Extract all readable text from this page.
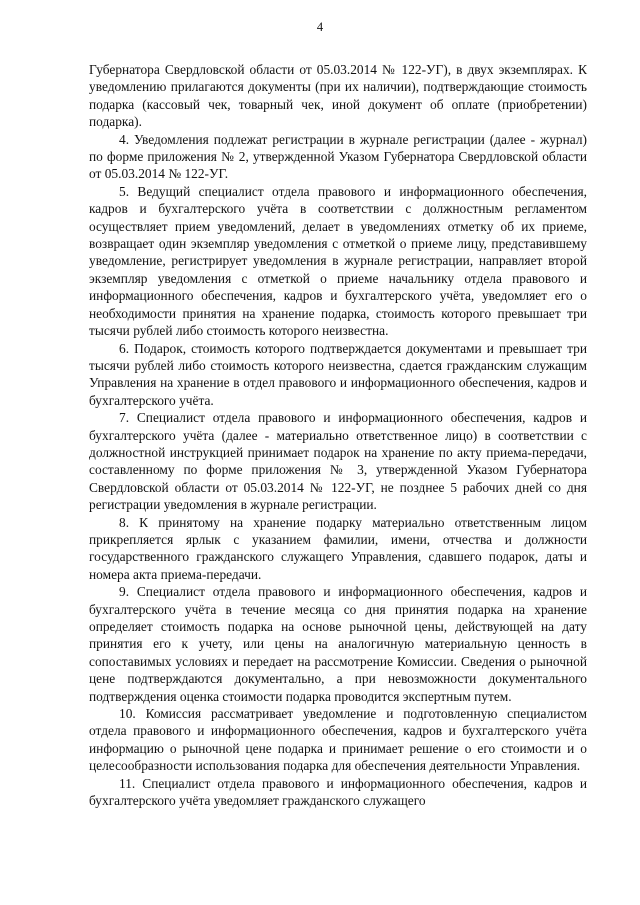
4

Губернатора Свердловской области от 05.03.2014 № 122-УГ), в двух экземплярах. К уведомлению прилагаются документы (при их наличии), подтверждающие стоимость подарка (кассовый чек, товарный чек, иной документ об оплате (приобретении) подарка).

4. Уведомления подлежат регистрации в журнале регистрации (далее - журнал) по форме приложения № 2, утвержденной Указом Губернатора Свердловской области от 05.03.2014 № 122-УГ.

5. Ведущий специалист отдела правового и информационного обеспечения, кадров и бухгалтерского учёта в соответствии с должностным регламентом осуществляет прием уведомлений, делает в уведомлениях отметку об их приеме, возвращает один экземпляр уведомления с отметкой о приеме лицу, представившему уведомление, регистрирует уведомления в журнале регистрации, направляет второй экземпляр уведомления с отметкой о приеме начальнику отдела правового и информационного обеспечения, кадров и бухгалтерского учёта, уведомляет его о необходимости принятия на хранение подарка, стоимость которого превышает три тысячи рублей либо стоимость которого неизвестна.

6. Подарок, стоимость которого подтверждается документами и превышает три тысячи рублей либо стоимость которого неизвестна, сдается гражданским служащим Управления на хранение в отдел правового и информационного обеспечения, кадров и бухгалтерского учёта.

7. Специалист отдела правового и информационного обеспечения, кадров и бухгалтерского учёта (далее - материально ответственное лицо) в соответствии с должностной инструкцией принимает подарок на хранение по акту приема-передачи, составленному по форме приложения № 3, утвержденной Указом Губернатора Свердловской области от 05.03.2014 № 122-УГ, не позднее 5 рабочих дней со дня регистрации уведомления в журнале регистрации.

8. К принятому на хранение подарку материально ответственным лицом прикрепляется ярлык с указанием фамилии, имени, отчества и должности государственного гражданского служащего Управления, сдавшего подарок, даты и номера акта приема-передачи.

9. Специалист отдела правового и информационного обеспечения, кадров и бухгалтерского учёта в течение месяца со дня принятия подарка на хранение определяет стоимость подарка на основе рыночной цены, действующей на дату принятия его к учету, или цены на аналогичную материальную ценность в сопоставимых условиях и передает на рассмотрение Комиссии. Сведения о рыночной цене подтверждаются документально, а при невозможности документального подтверждения оценка стоимости подарка проводится экспертным путем.

10. Комиссия рассматривает уведомление и подготовленную специалистом отдела правового и информационного обеспечения, кадров и бухгалтерского учёта информацию о рыночной цене подарка и принимает решение о его стоимости и о целесообразности использования подарка для обеспечения деятельности Управления.

11. Специалист отдела правового и информационного обеспечения, кадров и бухгалтерского учёта уведомляет гражданского служащего
